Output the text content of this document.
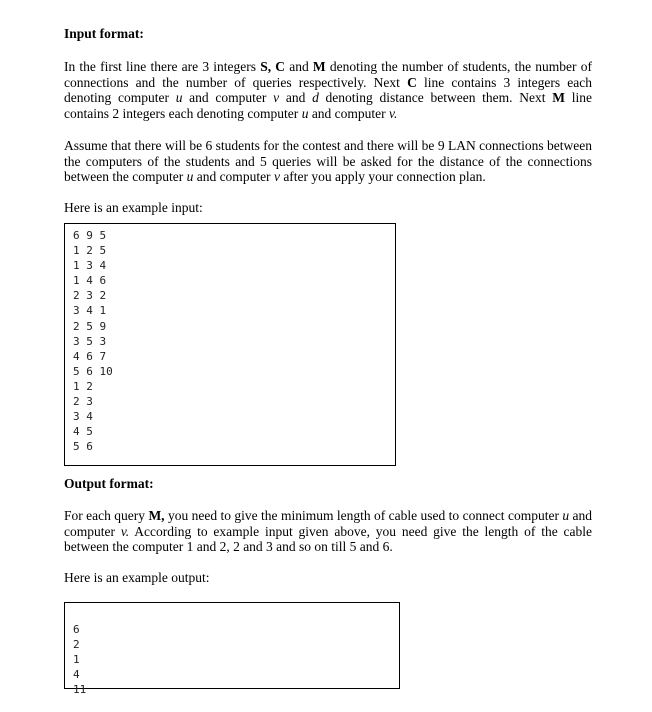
Input format:

In the first line there are 3 integers S, C and M denoting the number of students, the number of connections and the number of queries respectively. Next C line contains 3 integers each denoting computer u and computer v and d denoting distance between them. Next M line contains 2 integers each denoting computer u and computer v.

Assume that there will be 6 students for the contest and there will be 9 LAN connections between the computers of the students and 5 queries will be asked for the distance of the connections between the computer u and computer v after you apply your connection plan.

Here is an example input:

6 9 5
1 2 5
1 3 4
1 4 6
2 3 2
3 4 1
2 5 9
3 5 3
4 6 7
5 6 10
1 2
2 3
3 4
4 5
5 6
Output format:

For each query M, you need to give the minimum length of cable used to connect computer u and computer v. According to example input given above, you need give the length of the cable between the computer 1 and 2, 2 and 3 and so on till 5 and 6.

Here is an example output:

6
2
1
4
11
